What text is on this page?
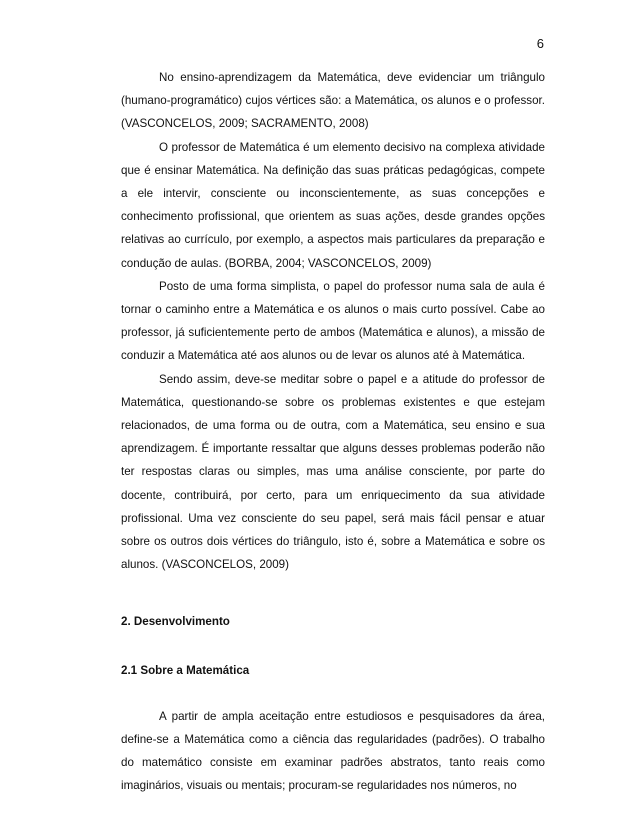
6

No ensino-aprendizagem da Matemática, deve evidenciar um triângulo (humano-programático) cujos vértices são: a Matemática, os alunos e o professor. (VASCONCELOS, 2009; SACRAMENTO, 2008)

O professor de Matemática é um elemento decisivo na complexa atividade que é ensinar Matemática. Na definição das suas práticas pedagógicas, compete a ele intervir, consciente ou inconscientemente, as suas concepções e conhecimento profissional, que orientem as suas ações, desde grandes opções relativas ao currículo, por exemplo, a aspectos mais particulares da preparação e condução de aulas. (BORBA, 2004; VASCONCELOS, 2009)

Posto de uma forma simplista, o papel do professor numa sala de aula é tornar o caminho entre a Matemática e os alunos o mais curto possível. Cabe ao professor, já suficientemente perto de ambos (Matemática e alunos), a missão de conduzir a Matemática até aos alunos ou de levar os alunos até à Matemática.

Sendo assim, deve-se meditar sobre o papel e a atitude do professor de Matemática, questionando-se sobre os problemas existentes e que estejam relacionados, de uma forma ou de outra, com a Matemática, seu ensino e sua aprendizagem. É importante ressaltar que alguns desses problemas poderão não ter respostas claras ou simples, mas uma análise consciente, por parte do docente, contribuirá, por certo, para um enriquecimento da sua atividade profissional. Uma vez consciente do seu papel, será mais fácil pensar e atuar sobre os outros dois vértices do triângulo, isto é, sobre a Matemática e sobre os alunos. (VASCONCELOS, 2009)

2. Desenvolvimento

2.1 Sobre a Matemática

A partir de ampla aceitação entre estudiosos e pesquisadores da área, define-se a Matemática como a ciência das regularidades (padrões). O trabalho do matemático consiste em examinar padrões abstratos, tanto reais como imaginários, visuais ou mentais; procuram-se regularidades nos números, no
